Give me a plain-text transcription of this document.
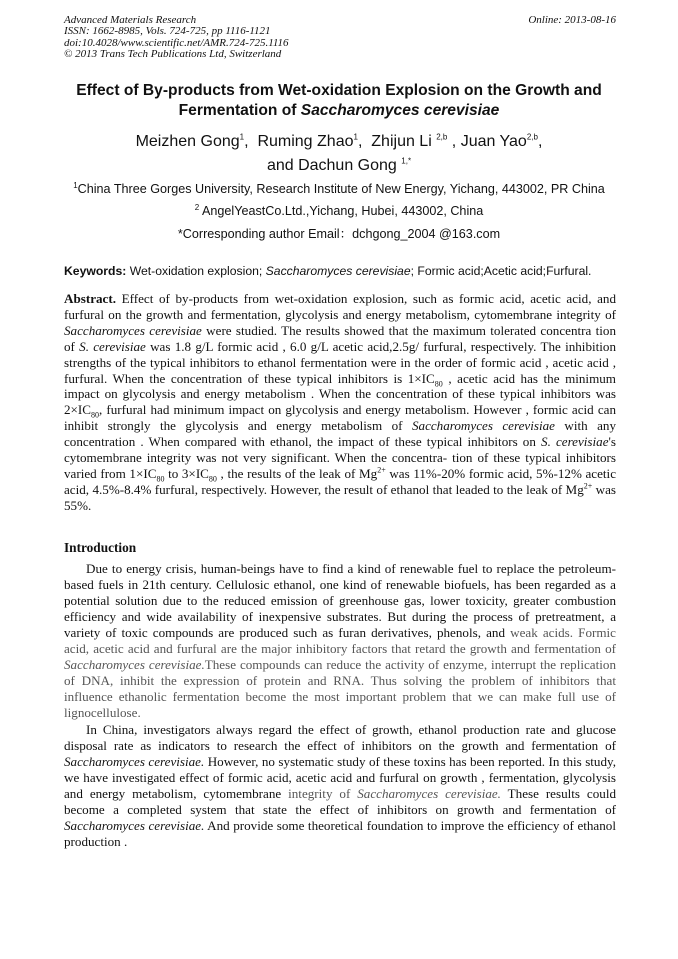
Advanced Materials Research
ISSN: 1662-8985, Vols. 724-725, pp 1116-1121
doi:10.4028/www.scientific.net/AMR.724-725.1116
© 2013 Trans Tech Publications Ltd, Switzerland
Online: 2013-08-16
Effect of By-products from Wet-oxidation Explosion on the Growth and
Fermentation of Saccharomyces cerevisiae
Meizhen Gong$^1$,  Ruming Zhao$^1$,  Zhijun Li $^{2,b}$ , Juan Yao$^{2,b}$,
and Dachun Gong $^{1,*}$
$^1$China Three Gorges University, Research Institute of New Energy, Yichang, 443002, PR China
$^2$ AngelYeastCo.Ltd.,Yichang, Hubei, 443002, China
*Corresponding author Email：dchgong_2004 @163.com
Keywords: Wet-oxidation explosion; Saccharomyces cerevisiae; Formic acid;Acetic acid;Furfural.
Abstract. Effect of by-products from wet-oxidation explosion, such as formic acid, acetic acid, and furfural on the growth and fermentation, glycolysis and energy metabolism, cytomembrane integrity of Saccharomyces cerevisiae were studied. The results showed that the maximum tolerated concentra tion of S. cerevisiae was 1.8 g/L formic acid , 6.0 g/L acetic acid,2.5g/ furfural, respectively. The inhibition strengths of the typical inhibitors to ethanol fermentation were in the order of formic acid , acetic acid , furfural. When the concentration of these typical inhibitors is $1\times IC_{80}$ , acetic acid has the minimum impact on glycolysis and energy metabolism . When the concentration of these typical inhibitors was $2\times IC_{80}$, furfural had minimum impact on glycolysis and energy metabolism. However , formic acid can inhibit strongly the glycolysis and energy metabolism of Saccharomyces cerevisiae with any concentration . When compared with ethanol, the impact of these typical inhibitors on S. cerevisiae's cytomembrane integrity was not very significant. When the concentra- tion of these typical inhibitors varied from $1\times IC_{80}$ to $3\times IC_{80}$ , the results of the leak of $Mg^{2+}$ was 11%-20% formic acid, 5%-12% acetic acid, 4.5%-8.4% furfural, respectively. However, the result of ethanol that leaded to the leak of $Mg^{2+}$ was 55%.
Introduction
Due to energy crisis, human-beings have to find a kind of renewable fuel to replace the petroleum-based fuels in 21th century. Cellulosic ethanol, one kind of renewable biofuels, has been regarded as a potential solution due to the reduced emission of greenhouse gas, lower toxicity, greater combustion efficiency and wide availability of inexpensive substrates. But during the process of pretreatment, a variety of toxic compounds are produced such as furan derivatives, phenols, and weak acids. Formic acid, acetic acid and furfural are the major inhibitory factors that retard the growth and fermentation of Saccharomyces cerevisiae.These compounds can reduce the activity of enzyme, interrupt the replication of DNA, inhibit the expression of protein and RNA. Thus solving the problem of inhibitors that influence ethanolic fermentation become the most important problem that we can make full use of lignocellulose.
In China, investigators always regard the effect of growth, ethanol production rate and glucose disposal rate as indicators to research the effect of inhibitors on the growth and fermentation of Saccharomyces cerevisiae. However, no systematic study of these toxins has been reported. In this study, we have investigated effect of formic acid, acetic acid and furfural on growth , fermentation, glycolysis and energy metabolism, cytomembrane integrity of Saccharomyces cerevisiae. These results could become a completed system that state the effect of inhibitors on growth and fermentation of Saccharomyces cerevisiae. And provide some theoretical foundation to improve the efficiency of ethanol production .
